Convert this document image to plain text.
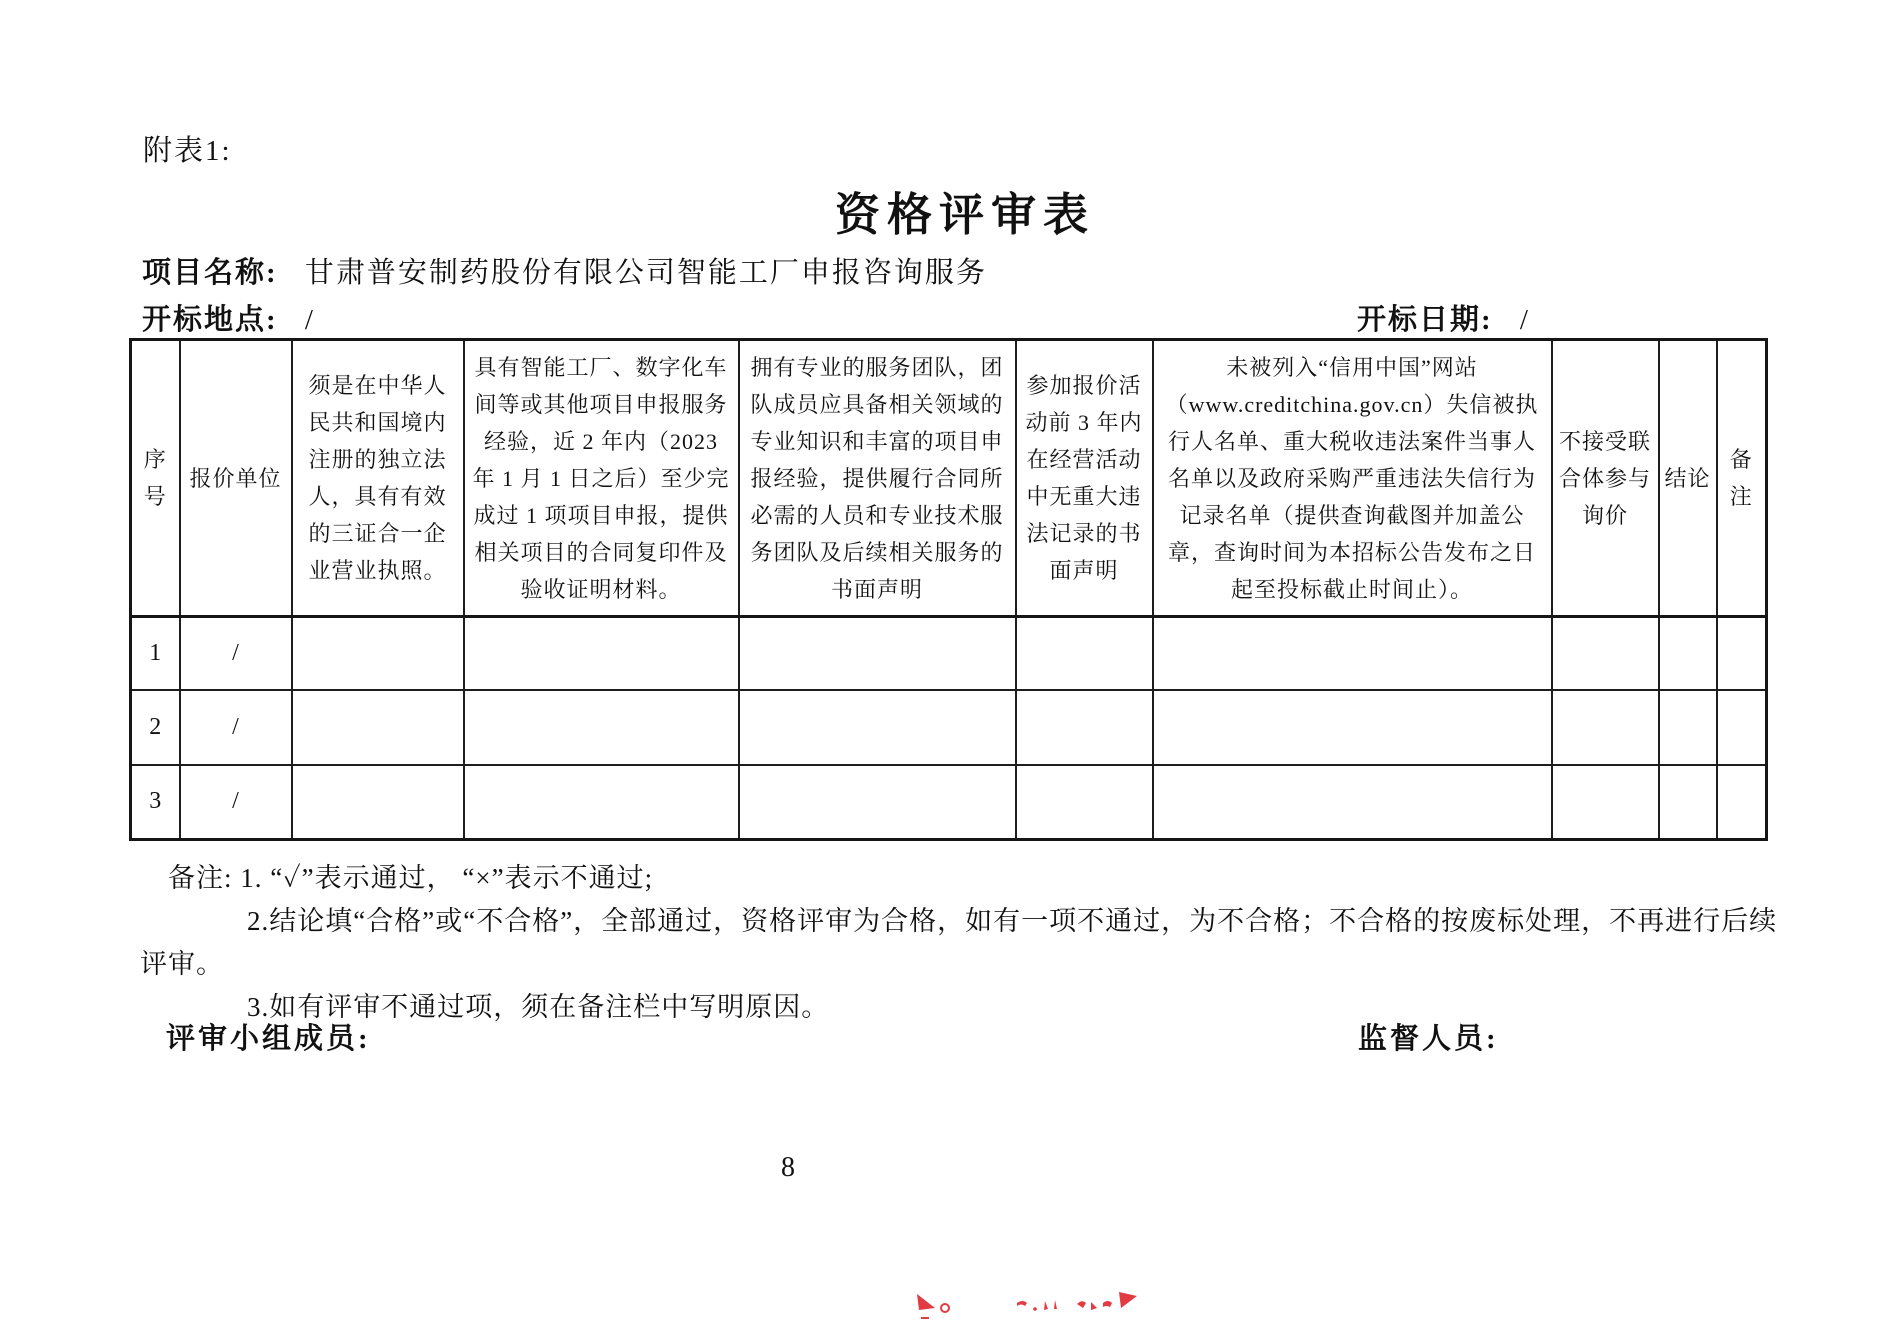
附表1:
资格评审表
项目名称: 甘肃普安制药股份有限公司智能工厂申报咨询服务
开标地点: /	开标日期: /
序号	报价单位	须是在中华人民共和国境内注册的独立法人，具有有效的三证合一企业营业执照。	具有智能工厂、数字化车间等或其他项目申报服务经验，近 2 年内（2023 年 1 月 1 日之后）至少完成过 1 项项目申报，提供相关项目的合同复印件及验收证明材料。	拥有专业的服务团队，团队成员应具备相关领域的专业知识和丰富的项目申报经验，提供履行合同所必需的人员和专业技术服务团队及后续相关服务的书面声明	参加报价活动前 3 年内在经营活动中无重大违法记录的书面声明	未被列入“信用中国”网站（www.creditchina.gov.cn）失信被执行人名单、重大税收违法案件当事人名单以及政府采购严重违法失信行为记录名单（提供查询截图并加盖公章，查询时间为本招标公告发布之日起至投标截止时间止）。	不接受联合体参与询价	结论	备注
1	/								
2	/								
3	/								
备注: 1. “✓”表示通过， “×”表示不通过;
2.结论填“合格”或“不合格”，全部通过，资格评审为合格，如有一项不通过，为不合格；不合格的按废标处理，不再进行后续
评审。
3.如有评审不通过项，须在备注栏中写明原因。
评审小组成员:	监督人员:
8
